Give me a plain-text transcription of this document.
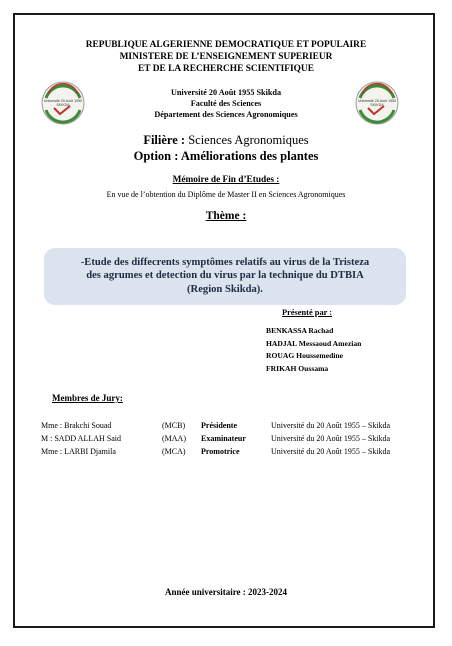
REPUBLIQUE ALGERIENNE DEMOCRATIQUE ET POPULAIRE
MINISTERE DE L’ENSEIGNEMENT SUPERIEUR
ET DE LA RECHERCHE SCIENTIFIQUE
Université 20 Août 1955
SKIKDA
Université 20 Août 1955
SKIKDA
Université 20 Août 1955 Skikda
Faculté des Sciences
Département des Sciences Agronomiques
Filière : Sciences Agronomiques
Option : Améliorations des plantes
Mémoire de Fin d’Etudes :
En vue de l’obtention du Diplôme de Master II en Sciences Agronomiques
Thème :
-Etude des diffecrents symptômes relatifs au virus de la Tristeza
des agrumes et detection du virus par la technique du DTBIA
(Region Skikda).
Présenté par :
BENKASSA Rachad
HADJAL Messaoud Amezian
ROUAG Houssemedine
FRIKAH Oussama
Membres de Jury:
Mme : Brakchi Souad	(MCB) Présidente	Université du 20 Août 1955 – Skikda
M : SADD ALLAH Said	(MAA) Examinateur	Université du 20 Août 1955 – Skikda
Mme : LARBI Djamila	(MCA) Promotrice	Université du 20 Août 1955 – Skikda
Année universitaire : 2023-2024
